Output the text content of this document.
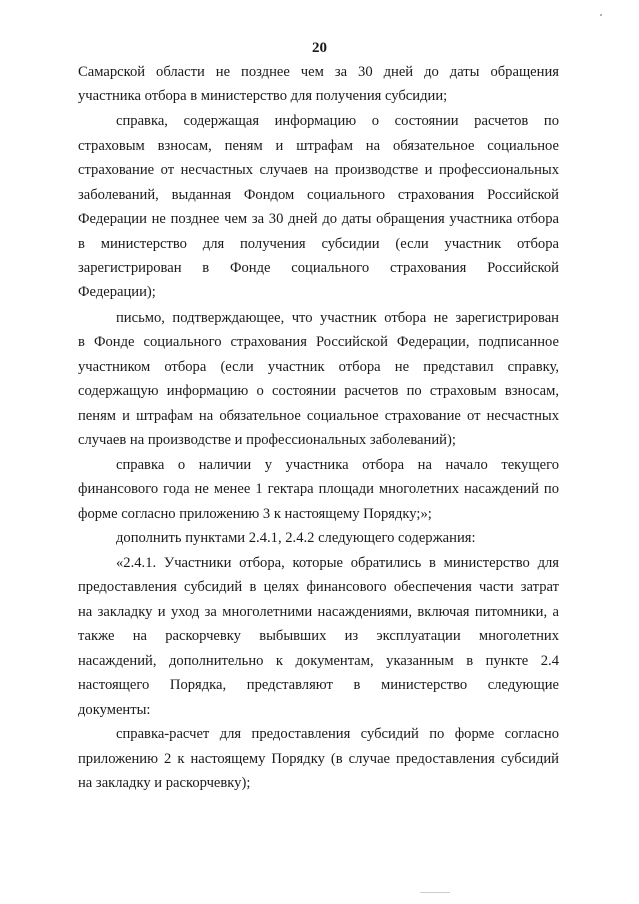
20
Самарской области не позднее чем за 30 дней до даты обращения
участника отбора в министерство для получения субсидии;
справка, содержащая информацию о состоянии расчетов по
страховым взносам, пеням и штрафам на обязательное социальное
страхование от несчастных случаев на производстве и профессиональных
заболеваний, выданная Фондом социального страхования Российской
Федерации не позднее чем за 30 дней до даты обращения участника отбора
в министерство для получения субсидии (если участник отбора
зарегистрирован в Фонде социального страхования Российской
Федерации);
письмо, подтверждающее, что участник отбора не зарегистрирован
в Фонде социального страхования Российской Федерации, подписанное
участником отбора (если участник отбора не представил справку,
содержащую информацию о состоянии расчетов по страховым взносам,
пеням и штрафам на обязательное социальное страхование от несчастных
случаев на производстве и профессиональных заболеваний);
справка о наличии у участника отбора на начало текущего
финансового года не менее 1 гектара площади многолетних насаждений по
форме согласно приложению 3 к настоящему Порядку;»;
дополнить пунктами 2.4.1, 2.4.2 следующего содержания:
«2.4.1. Участники отбора, которые обратились в министерство для
предоставления субсидий в целях финансового обеспечения части затрат
на закладку и уход за многолетними насаждениями, включая питомники, а
также на раскорчевку выбывших из эксплуатации многолетних
насаждений, дополнительно к документам, указанным в пункте 2.4
настоящего Порядка, представляют в министерство следующие
документы:
справка-расчет для предоставления субсидий по форме согласно
приложению 2 к настоящему Порядку (в случае предоставления субсидий
на закладку и раскорчевку);
